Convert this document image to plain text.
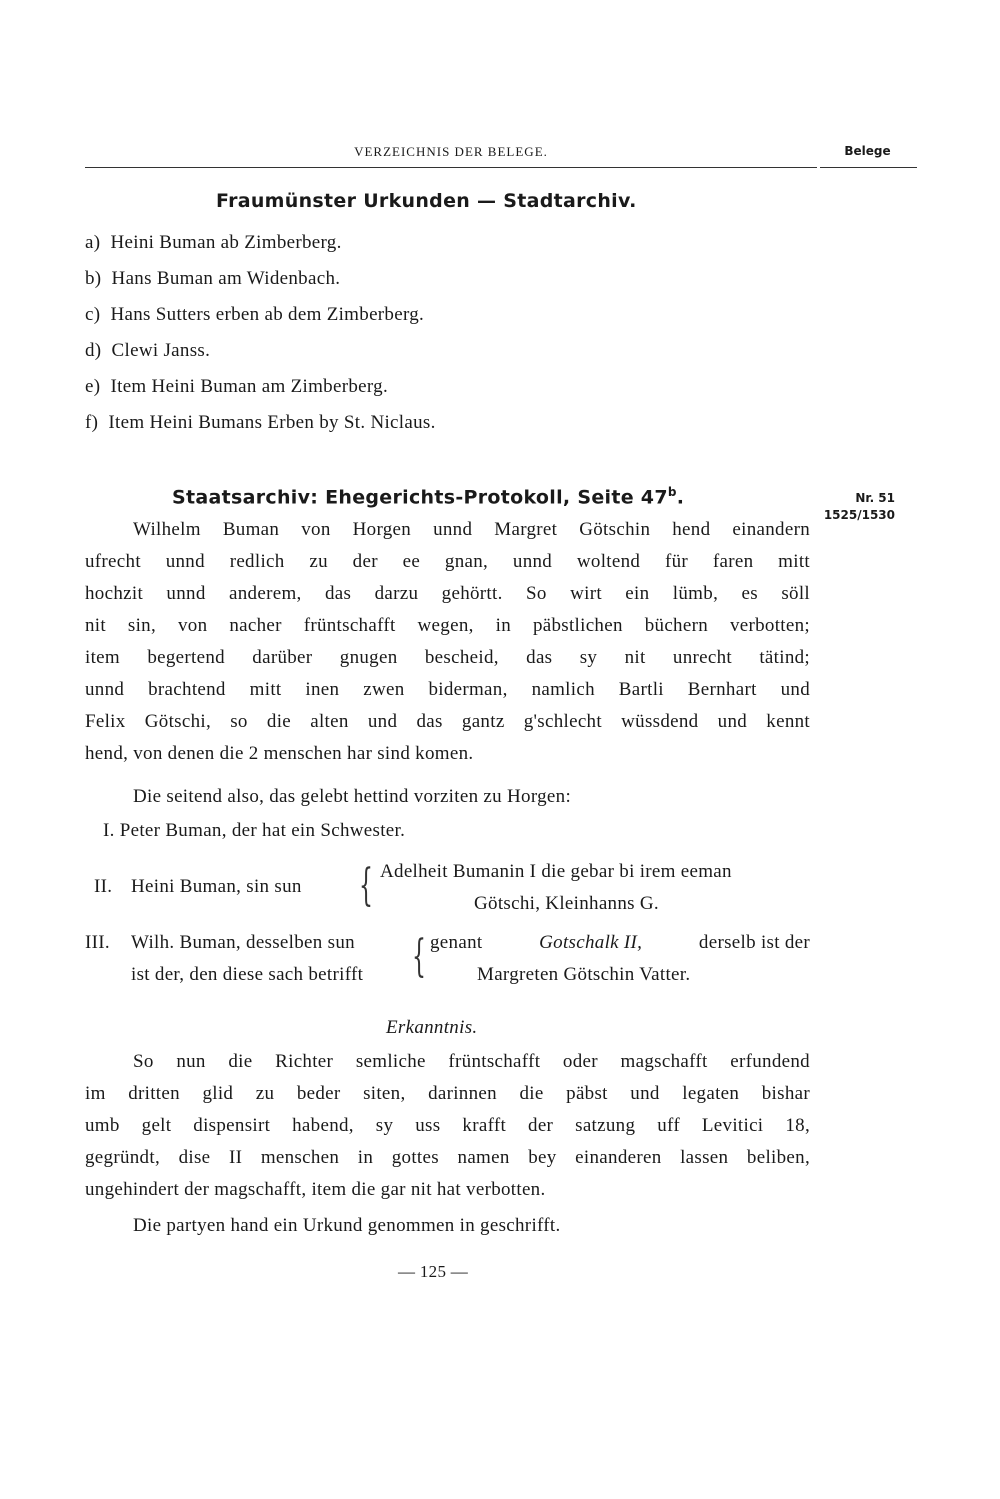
VERZEICHNIS DER BELEGE.	Belege
Fraumünster Urkunden — Stadtarchiv.
a) Heini Buman ab Zimberberg.
b) Hans Buman am Widenbach.
c) Hans Sutters erben ab dem Zimberberg.
d) Clewi Janss.
e) Item Heini Buman am Zimberberg.
f) Item Heini Bumans Erben by St. Niclaus.
Staatsarchiv: Ehegerichts-Protokoll, Seite 47$^b$.	Nr. 51
1525/1530
Wilhelm Buman von Horgen unnd Margret Götschin hend einandern
ufrecht unnd redlich zu der ee gnan, unnd woltend für faren mitt
hochzit unnd anderem, das darzu gehörtt. So wirt ein lümb, es söll
nit sin, von nacher früntschafft wegen, in päbstlichen büchern verbotten;
item begertend darüber gnugen bescheid, das sy nit unrecht tätind;
unnd brachtend mitt inen zwen biderman, namlich Bartli Bernhart und
Felix Götschi, so die alten und das gantz g'schlecht wüssdend und kennt
hend, von denen die 2 menschen har sind komen.
Die seitend also, das gelebt hettind vorziten zu Horgen:
I. Peter Buman, der hat ein Schwester.
II. Heini Buman, sin sun { Adelheit Bumanin I die gebar bi irem eeman
Götschi, Kleinhanns G.
III. Wilh. Buman, desselben sun
ist der, den diese sach betrifft { genant	Gotschalk II,	derselb ist der
Margreten Götschin Vatter.
Erkanntnis.
So nun die Richter semliche früntschafft oder magschafft erfundend
im dritten glid zu beder siten, darinnen die päbst und legaten bishar
umb gelt dispensirt habend, sy uss krafft der satzung uff Levitici 18,
gegründt, dise II menschen in gottes namen bey einanderen lassen beliben,
ungehindert der magschafft, item die gar nit hat verbotten.
Die partyen hand ein Urkund genommen in geschrifft.
— 125 —
